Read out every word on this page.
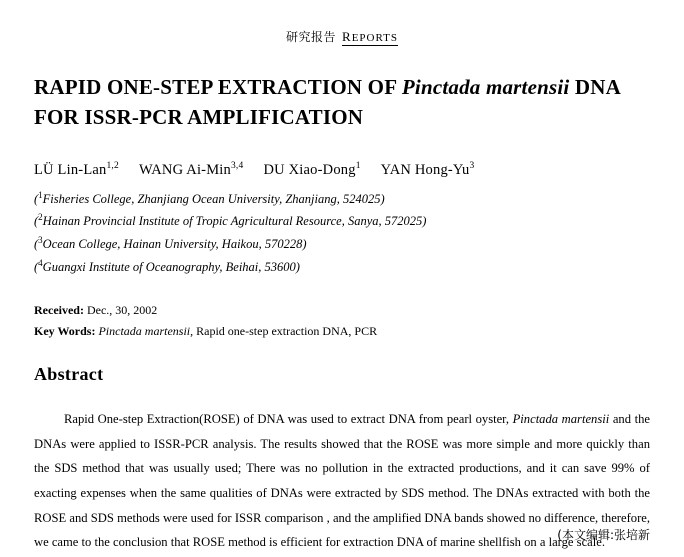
研究报告 REPORTS
RAPID ONE-STEP EXTRACTION OF Pinctada martensii DNA
FOR ISSR-PCR AMPLIFICATION
LÜ Lin-Lan$^{1,2}$ WANG Ai-Min$^{3,4}$ DU Xiao-Dong$^1$ YAN Hong-Yu$^3$
($^1$Fisheries College, Zhanjiang Ocean University, Zhanjiang, 524025)
($^2$Hainan Provincial Institute of Tropic Agricultural Resource, Sanya, 572025)
($^3$Ocean College, Hainan University, Haikou, 570228)
($^4$Guangxi Institute of Oceanography, Beihai, 53600)
Received: Dec., 30, 2002
Key Words: Pinctada martensii, Rapid one-step extraction DNA, PCR
Abstract
Rapid One-step Extraction(ROSE) of DNA was used to extract DNA from pearl oyster, Pinctada martensii and the DNAs were applied to ISSR-PCR analysis. The results showed that the ROSE was more simple and more quickly than the SDS method that was usually used; There was no pollution in the extracted productions, and it can save 99% of exacting expenses when the same qualities of DNAs were extracted by SDS method. The DNAs extracted with both the ROSE and SDS methods were used for ISSR comparison , and the amplified DNA bands showed no difference, therefore, we came to the conclusion that ROSE method is efficient for extraction DNA of marine shellfish on a large scale.
(本文编辑:张培新
